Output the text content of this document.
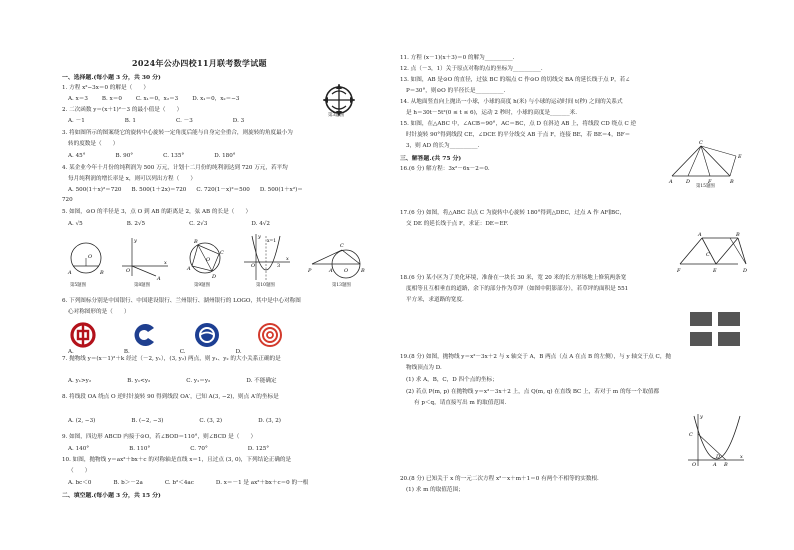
2024年公办四校11月联考数学试题
一、选择题.(每小题 3 分，共 30 分)
1. 方程 x²−3x＝0 的解是（　　）
A. x＝3	B. x＝0	C. x₁＝0，x₂＝3	D. x₁＝0，x₂＝−3
2. 二次函数 y＝(x＋1)²－3 的最小值是（　　）
A. －1	B. 1	C. －3	D. 3
3. 将如图所示的图案绕它的旋转中心旋转一定角度后能与自身完全重合，则旋转的角度最小为
转的度数是（　　）
A. 45°	B. 90°	C. 135°	D. 180°
第3题图
4. 某企业今年十月份的纯利润为 500 万元，计划十二月份的纯利润达到 720 万元，若平均
每月纯利润的增长率是 x，则可以列出方程（　　）
A. 500(1＋x)²＝720 B. 500(1＋2x)＝720 C. 720(1－x)²＝500 D. 500(1＋x²)＝
720
5. 如图，⊙O 的半径是 3，点 O 到 AB 的距离是 2，弦 AB 的长是（　　）
A. √5	B. 2√5	C. 2√3	D. 4√2
O
A	B
y
x
O
A
A
B
C
D
O
y
x
x=1
O	3
C
P	A O	B
第5题图	第8题图	第9题图	第10题图	第13题图
6. 下列图标分别是中国银行、中国建设银行、兰州银行、湖州银行的 LOGO，其中是中心对称图
心对称图形的是（　　）
A.	B.	C.	D.
7. 抛物线 y＝(x－1)²＋k 经过（－2, y₁），(3, y₂) 两点，则 y₁、y₂ 的大小关系正确的是
A. y₁>y₂	B. y₁<y₂	C. y₁＝y₂	D. 不能确定
8. 将线段 OA 绕点 O 逆时针旋转 90 得到线段 OA′，已知 A(3, −2)，则点 A′的坐标是
A. (2, −3)	B. (−2, −3)	C. (3, 2)	D. (3, 2)
9. 如图，四边形 ABCD 内接于⊙O，若∠BOD＝110°，则∠BCD 是（　　）
A. 140°	B. 110°	C. 70°	D. 125°
10. 如图，抛物线 y＝ax²＋bx＋c 的对称轴是直线 x＝1，且过点 (3, 0)，下列结论正确的是
（　　）
A. bc＜0	B. b＞－2a	C. b²＜4ac	D. x＝－1 是 ax²＋bx＋c＝0 的一根
二、填空题.(每小题 3 分，共 15 分)
11. 方程 (x－1)(x＋3)＝0 的解为__________.
12. 点（－3，1）关于原点对称的点的坐标为__________.
13. 如图，AB 是⊙O 的直径，过弦 BC 的端点 C 作⊙O 的切线交 BA 的延长线于点 P，若∠
P＝30°，则⊙O 的半径长是__________.
14. 从地面竖直向上抛出一小球，小球的高度 h(米) 与小球的运动时间 t(秒) 之间的关系式
是 h＝30t－5t²(0 ≤ t ≤ 6)，运动 2 秒时，小球的高度是_______米.
15. 如图，在△ABC 中，∠ACB＝90°，AC＝BC，点 D 在斜边 AB 上，将线段 CD 绕点 C 逆
时针旋转 90°得到线段 CE，∠DCE 的平分线交 AB 于点 F，连接 BE，若 BE＝4，BF＝
3，则 AD 的长为__________.
三、解答题.(共 75 分)
16.(6 分) 解方程：3x²－6x－2＝0.
C
E
A	D	F	B
第15题图
17.(6 分) 如图，将△ABC 以点 C 为旋转中心旋转 180°得到△DEC，过点 A 作 AF∥BC，
交 DE 的延长线于点 F，求证：DE＝EF.
A	B
C
D
E
F
18.(6 分) 某小区为了美化环境，准备在一块长 30 米，宽 20 米的长方形场地上修筑两条宽
度相等且互相垂直的道路，余下的部分作为草坪（如图中阴影部分），若草坪的面积是 551
平方米，求道路的宽度.
19.(8 分) 如图，抛物线 y＝x²－3x＋2 与 x 轴交于 A，B 两点（点 A 在点 B 的左侧），与 y 轴交于点 C，抛
物线顶点为 D.
(1) 求 A，B，C，D 四个点的坐标；
(2) 若点 P(m, p) 在抛物线 y＝x²－3x＋2 上，点 Q(m, q) 在直线 BC 上，若对于 m 的每一个取值都
有 p＜q，请直接写出 m 的取值范围.
y
C
O	A B
x
D
20.(8 分) 已知关于 x 的一元二次方程 x²－x＋m＋1＝0 有两个不相等的实数根.
(1) 求 m 的取值范围；
